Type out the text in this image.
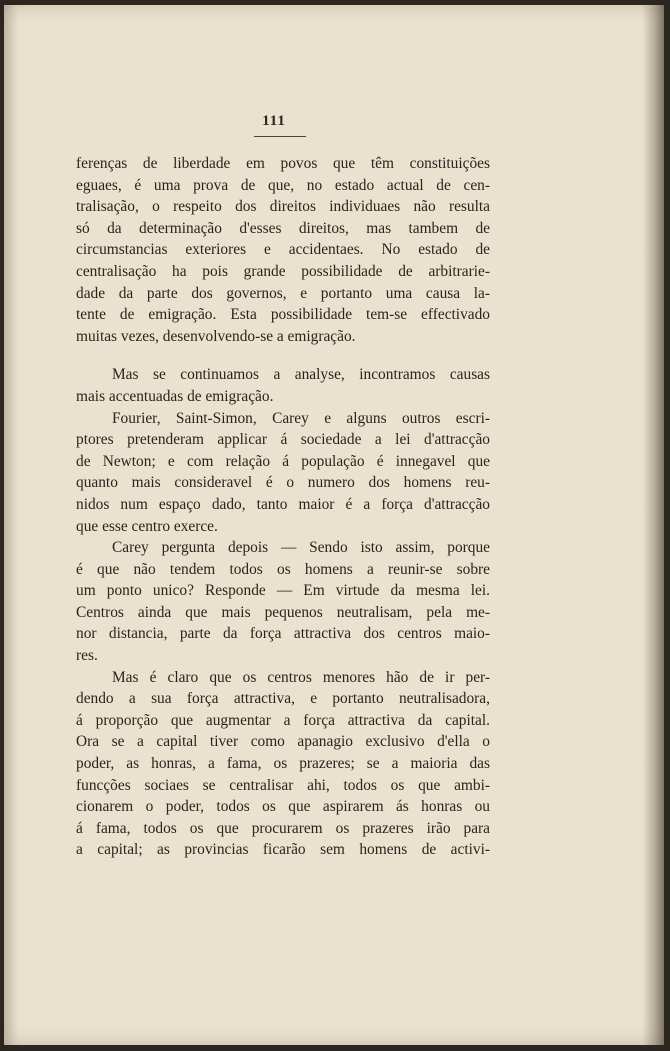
111

ferenças de liberdade em povos que têm constituições
eguaes, é uma prova de que, no estado actual de cen-
tralisação, o respeito dos direitos individuaes não resulta
só da determinação d'esses direitos, mas tambem de
circumstancias exteriores e accidentaes. No estado de
centralisação ha pois grande possibilidade de arbitrarie-
dade da parte dos governos, e portanto uma causa la-
tente de emigração. Esta possibilidade tem-se effectivado
muitas vezes, desenvolvendo-se a emigração.

Mas se continuamos a analyse, incontramos causas
mais accentuadas de emigração.

Fourier, Saint-Simon, Carey e alguns outros escri-
ptores pretenderam applicar á sociedade a lei d'attracção
de Newton; e com relação á população é innegavel que
quanto mais consideravel é o numero dos homens reu-
nidos num espaço dado, tanto maior é a força d'attracção
que esse centro exerce.

Carey pergunta depois — Sendo isto assim, porque
é que não tendem todos os homens a reunir-se sobre
um ponto unico? Responde — Em virtude da mesma lei.
Centros ainda que mais pequenos neutralisam, pela me-
nor distancia, parte da força attractiva dos centros maio-
res.

Mas é claro que os centros menores hão de ir per-
dendo a sua força attractiva, e portanto neutralisadora,
á proporção que augmentar a força attractiva da capital.
Ora se a capital tiver como apanagio exclusivo d'ella o
poder, as honras, a fama, os prazeres; se a maioria das
funcções sociaes se centralisar ahi, todos os que ambi-
cionarem o poder, todos os que aspirarem ás honras ou
á fama, todos os que procurarem os prazeres irão para
a capital; as provincias ficarão sem homens de activi-
